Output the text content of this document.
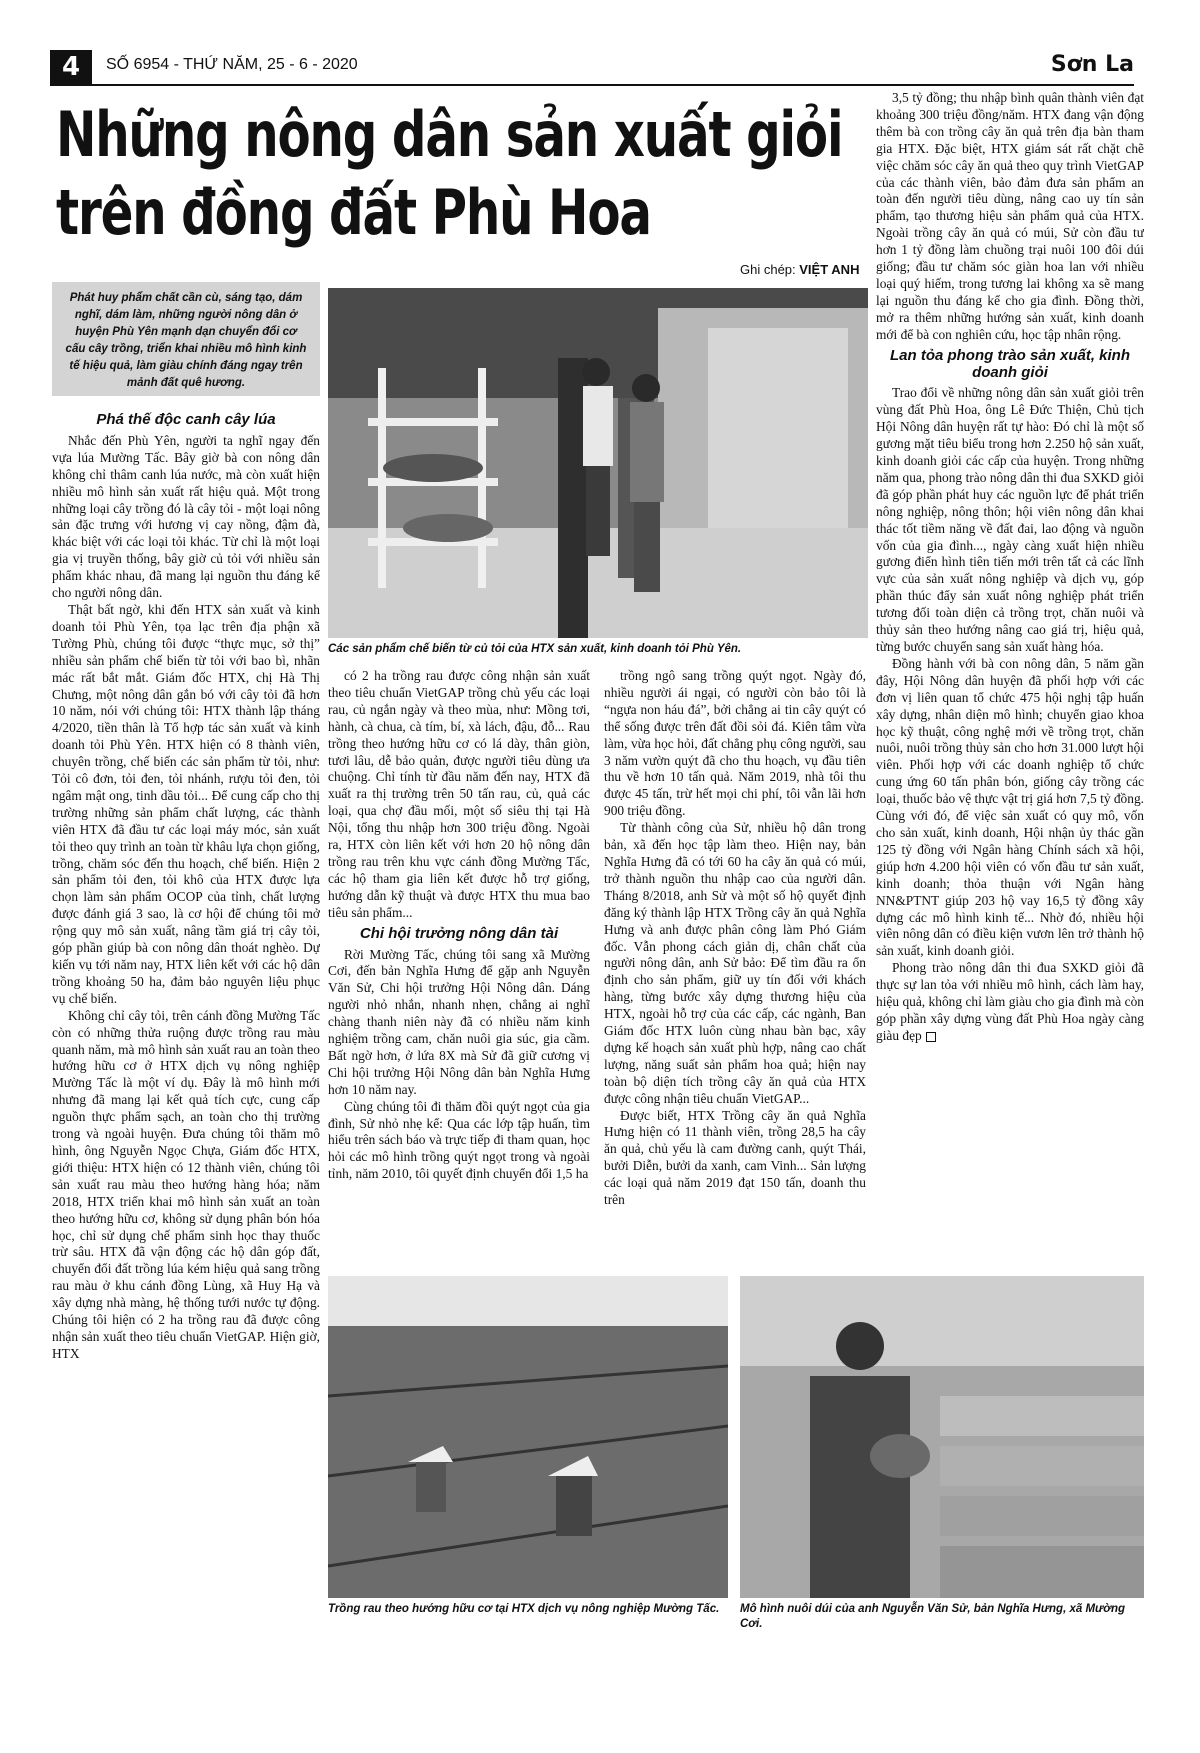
4	SỐ 6954 - THỨ NĂM, 25 - 6 - 2020	Sơn La
Những nông dân sản xuất giỏi
trên đồng đất Phù Hoa
Ghi chép: VIỆT ANH
Phát huy phẩm chất cần cù, sáng tạo, dám nghĩ, dám làm, những người nông dân ở huyện Phù Yên mạnh dạn chuyển đổi cơ cấu cây trồng, triển khai nhiều mô hình kinh tế hiệu quả, làm giàu chính đáng ngay trên mảnh đất quê hương.
Phá thế độc canh cây lúa

Nhắc đến Phù Yên, người ta nghĩ ngay đến vựa lúa Mường Tấc. Bây giờ bà con nông dân không chỉ thâm canh lúa nước, mà còn xuất hiện nhiều mô hình sản xuất rất hiệu quả. Một trong những loại cây trồng đó là cây tỏi - một loại nông sản đặc trưng với hương vị cay nồng, đậm đà, khác biệt với các loại tỏi khác. Từ chỉ là một loại gia vị truyền thống, bây giờ củ tỏi với nhiều sản phẩm khác nhau, đã mang lại nguồn thu đáng kể cho người nông dân.

Thật bất ngờ, khi đến HTX sản xuất và kinh doanh tỏi Phù Yên, tọa lạc trên địa phận xã Tường Phù, chúng tôi được “thực mục, sở thị” nhiều sản phẩm chế biến từ tỏi với bao bì, nhãn mác rất bắt mắt. Giám đốc HTX, chị Hà Thị Chưng, một nông dân gắn bó với cây tỏi đã hơn 10 năm, nói với chúng tôi: HTX thành lập tháng 4/2020, tiền thân là Tổ hợp tác sản xuất và kinh doanh tỏi Phù Yên. HTX hiện có 8 thành viên, chuyên trồng, chế biến các sản phẩm từ tỏi, như: Tỏi cô đơn, tỏi đen, tỏi nhánh, rượu tỏi đen, tỏi ngâm mật ong, tinh dầu tỏi... Để cung cấp cho thị trường những sản phẩm chất lượng, các thành viên HTX đã đầu tư các loại máy móc, sản xuất tỏi theo quy trình an toàn từ khâu lựa chọn giống, trồng, chăm sóc đến thu hoạch, chế biến. Hiện 2 sản phẩm tỏi đen, tỏi khô của HTX được lựa chọn làm sản phẩm OCOP của tỉnh, chất lượng được đánh giá 3 sao, là cơ hội để chúng tôi mở rộng quy mô sản xuất, nâng tầm giá trị cây tỏi, góp phần giúp bà con nông dân thoát nghèo. Dự kiến vụ tới năm nay, HTX liên kết với các hộ dân trồng khoảng 50 ha, đảm bảo nguyên liệu phục vụ chế biến.

Không chỉ cây tỏi, trên cánh đồng Mường Tấc còn có những thửa ruộng được trồng rau màu quanh năm, mà mô hình sản xuất rau an toàn theo hướng hữu cơ ở HTX dịch vụ nông nghiệp Mường Tấc là một ví dụ. Đây là mô hình mới nhưng đã mang lại kết quả tích cực, cung cấp nguồn thực phẩm sạch, an toàn cho thị trường trong và ngoài huyện. Đưa chúng tôi thăm mô hình, ông Nguyễn Ngọc Chựa, Giám đốc HTX, giới thiệu: HTX hiện có 12 thành viên, chúng tôi sản xuất rau màu theo hướng hàng hóa; năm 2018, HTX triển khai mô hình sản xuất an toàn theo hướng hữu cơ, không sử dụng phân bón hóa học, chỉ sử dụng chế phẩm sinh học thay thuốc trừ sâu. HTX đã vận động các hộ dân góp đất, chuyển đổi đất trồng lúa kém hiệu quả sang trồng rau màu ở khu cánh đồng Lùng, xã Huy Hạ và xây dựng nhà màng, hệ thống tưới nước tự động. Chúng tôi hiện có 2 ha trồng rau đã được công nhận sản xuất theo tiêu chuẩn VietGAP. Hiện giờ, HTX

Các sản phẩm chế biến từ củ tỏi của HTX sản xuất, kinh doanh tỏi Phù Yên.

có 2 ha trồng rau được công nhận sản xuất theo tiêu chuẩn VietGAP trồng chủ yếu các loại rau, củ ngắn ngày và theo mùa, như: Mồng tơi, hành, cà chua, cà tím, bí, xà lách, đậu, đỗ... Rau trồng theo hướng hữu cơ có lá dày, thân giòn, tươi lâu, dễ bảo quản, được người tiêu dùng ưa chuộng. Chỉ tính từ đầu năm đến nay, HTX đã xuất ra thị trường trên 50 tấn rau, củ, quả các loại, qua chợ đầu mối, một số siêu thị tại Hà Nội, tổng thu nhập hơn 300 triệu đồng. Ngoài ra, HTX còn liên kết với hơn 20 hộ nông dân trồng rau trên khu vực cánh đồng Mường Tấc, các hộ tham gia liên kết được hỗ trợ giống, hướng dẫn kỹ thuật và được HTX thu mua bao tiêu sản phẩm...

Chi hội trưởng nông dân tài

Rời Mường Tấc, chúng tôi sang xã Mường Cơi, đến bản Nghĩa Hưng để gặp anh Nguyễn Văn Sử, Chi hội trưởng Hội Nông dân. Dáng người nhỏ nhắn, nhanh nhẹn, chẳng ai nghĩ chàng thanh niên này đã có nhiều năm kinh nghiệm trồng cam, chăn nuôi gia súc, gia cầm. Bất ngờ hơn, ở lứa 8X mà Sử đã giữ cương vị Chi hội trưởng Hội Nông dân bản Nghĩa Hưng hơn 10 năm nay.

Cùng chúng tôi đi thăm đồi quýt ngọt của gia đình, Sử nhỏ nhẹ kể: Qua các lớp tập huấn, tìm hiểu trên sách báo và trực tiếp đi tham quan, học hỏi các mô hình trồng quýt ngọt trong và ngoài tỉnh, năm 2010, tôi quyết định chuyển đổi 1,5 ha

trồng ngô sang trồng quýt ngọt. Ngày đó, nhiều người ái ngại, có người còn bảo tôi là “ngựa non háu đá”, bởi chẳng ai tin cây quýt có thể sống được trên đất đồi sỏi đá. Kiên tâm vừa làm, vừa học hỏi, đất chẳng phụ công người, sau 3 năm vườn quýt đã cho thu hoạch, vụ đầu tiên thu về hơn 10 tấn quả. Năm 2019, nhà tôi thu được 45 tấn, trừ hết mọi chi phí, tôi vẫn lãi hơn 900 triệu đồng.

Từ thành công của Sử, nhiều hộ dân trong bản, xã đến học tập làm theo. Hiện nay, bản Nghĩa Hưng đã có tới 60 ha cây ăn quả có múi, trở thành nguồn thu nhập cao của người dân. Tháng 8/2018, anh Sử và một số hộ quyết định đăng ký thành lập HTX Trồng cây ăn quả Nghĩa Hưng và anh được phân công làm Phó Giám đốc. Vẫn phong cách giản dị, chân chất của người nông dân, anh Sử bảo: Để tìm đầu ra ổn định cho sản phẩm, giữ uy tín đối với khách hàng, từng bước xây dựng thương hiệu của HTX, ngoài hỗ trợ của các cấp, các ngành, Ban Giám đốc HTX luôn cùng nhau bàn bạc, xây dựng kế hoạch sản xuất phù hợp, nâng cao chất lượng, năng suất sản phẩm hoa quả; hiện nay toàn bộ diện tích trồng cây ăn quả của HTX được công nhận tiêu chuẩn VietGAP...

Được biết, HTX Trồng cây ăn quả Nghĩa Hưng hiện có 11 thành viên, trồng 28,5 ha cây ăn quả, chủ yếu là cam đường canh, quýt Thái, bưởi Diễn, bưởi da xanh, cam Vinh... Sản lượng các loại quả năm 2019 đạt 150 tấn, doanh thu trên

3,5 tỷ đồng; thu nhập bình quân thành viên đạt khoảng 300 triệu đồng/năm. HTX đang vận động thêm bà con trồng cây ăn quả trên địa bàn tham gia HTX. Đặc biệt, HTX giám sát rất chặt chẽ việc chăm sóc cây ăn quả theo quy trình VietGAP của các thành viên, bảo đảm đưa sản phẩm an toàn đến người tiêu dùng, nâng cao uy tín sản phẩm, tạo thương hiệu sản phẩm quả của HTX. Ngoài trồng cây ăn quả có múi, Sử còn đầu tư hơn 1 tỷ đồng làm chuồng trại nuôi 100 đôi dúi giống; đầu tư chăm sóc giàn hoa lan với nhiều loại quý hiếm, trong tương lai không xa sẽ mang lại nguồn thu đáng kể cho gia đình. Đồng thời, mở ra thêm những hướng sản xuất, kinh doanh mới để bà con nghiên cứu, học tập nhân rộng.

Lan tỏa phong trào sản xuất, kinh doanh giỏi

Trao đổi về những nông dân sản xuất giỏi trên vùng đất Phù Hoa, ông Lê Đức Thiện, Chủ tịch Hội Nông dân huyện rất tự hào: Đó chỉ là một số gương mặt tiêu biểu trong hơn 2.250 hộ sản xuất, kinh doanh giỏi các cấp của huyện. Trong những năm qua, phong trào nông dân thi đua SXKD giỏi đã góp phần phát huy các nguồn lực để phát triển nông nghiệp, nông thôn; hội viên nông dân khai thác tốt tiềm năng về đất đai, lao động và nguồn vốn của gia đình..., ngày càng xuất hiện nhiều gương điển hình tiên tiến mới trên tất cả các lĩnh vực của sản xuất nông nghiệp và dịch vụ, góp phần thúc đẩy sản xuất nông nghiệp phát triển tương đối toàn diện cả trồng trọt, chăn nuôi và thủy sản theo hướng nâng cao giá trị, hiệu quả, từng bước chuyển sang sản xuất hàng hóa.

Đồng hành với bà con nông dân, 5 năm gần đây, Hội Nông dân huyện đã phối hợp với các đơn vị liên quan tổ chức 475 hội nghị tập huấn xây dựng, nhân diện mô hình; chuyển giao khoa học kỹ thuật, công nghệ mới về trồng trọt, chăn nuôi, nuôi trồng thủy sản cho hơn 31.000 lượt hội viên. Phối hợp với các doanh nghiệp tổ chức cung ứng 60 tấn phân bón, giống cây trồng các loại, thuốc bảo vệ thực vật trị giá hơn 7,5 tỷ đồng. Cùng với đó, để việc sản xuất có quy mô, vốn cho sản xuất, kinh doanh, Hội nhận ủy thác gần 125 tỷ đồng với Ngân hàng Chính sách xã hội, giúp hơn 4.200 hội viên có vốn đầu tư sản xuất, kinh doanh; thỏa thuận với Ngân hàng NN&PTNT giúp 203 hộ vay 16,5 tỷ đồng xây dựng các mô hình kinh tế... Nhờ đó, nhiều hội viên nông dân có điều kiện vươn lên trở thành hộ sản xuất, kinh doanh giỏi.

Phong trào nông dân thi đua SXKD giỏi đã thực sự lan tỏa với nhiều mô hình, cách làm hay, hiệu quả, không chỉ làm giàu cho gia đình mà còn góp phần xây dựng vùng đất Phù Hoa ngày càng giàu đẹp

Trồng rau theo hướng hữu cơ tại HTX dịch vụ nông nghiệp Mường Tấc.	Mô hình nuôi dúi của anh Nguyễn Văn Sử, bản Nghĩa Hưng, xã Mường Cơi.
